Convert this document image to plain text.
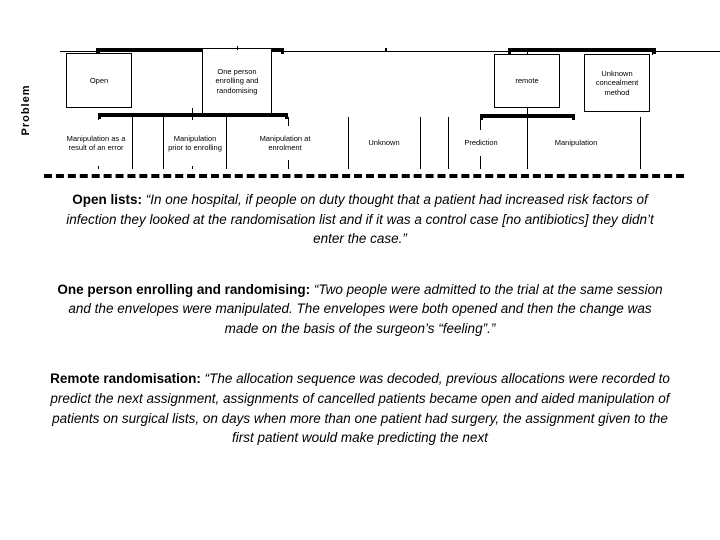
Problem
Open
One person enrolling and randomising
remote
Unknown concealment method
Manipulation as a result of an error
Manipulation prior to enrolling
Manipulation at enrolment
Unknown	Prediction	Manipulation

Open lists: “In one hospital, if people on duty thought that a patient had increased risk factors of infection they looked at the randomisation list and if it was a control case [no antibiotics] they didn’t enter the case.”

One person enrolling and randomising: “Two people were admitted to the trial at the same session and the envelopes were manipulated. The envelopes were both opened and then the change was made on the basis of the surgeon’s “feeling”.”

Remote randomisation: “The allocation sequence was decoded, previous allocations were recorded to predict the next assignment, assignments of cancelled patients became open and aided manipulation of patients on surgical lists, on days when more than one patient had surgery, the assignment given to the first patient would make predicting the next
